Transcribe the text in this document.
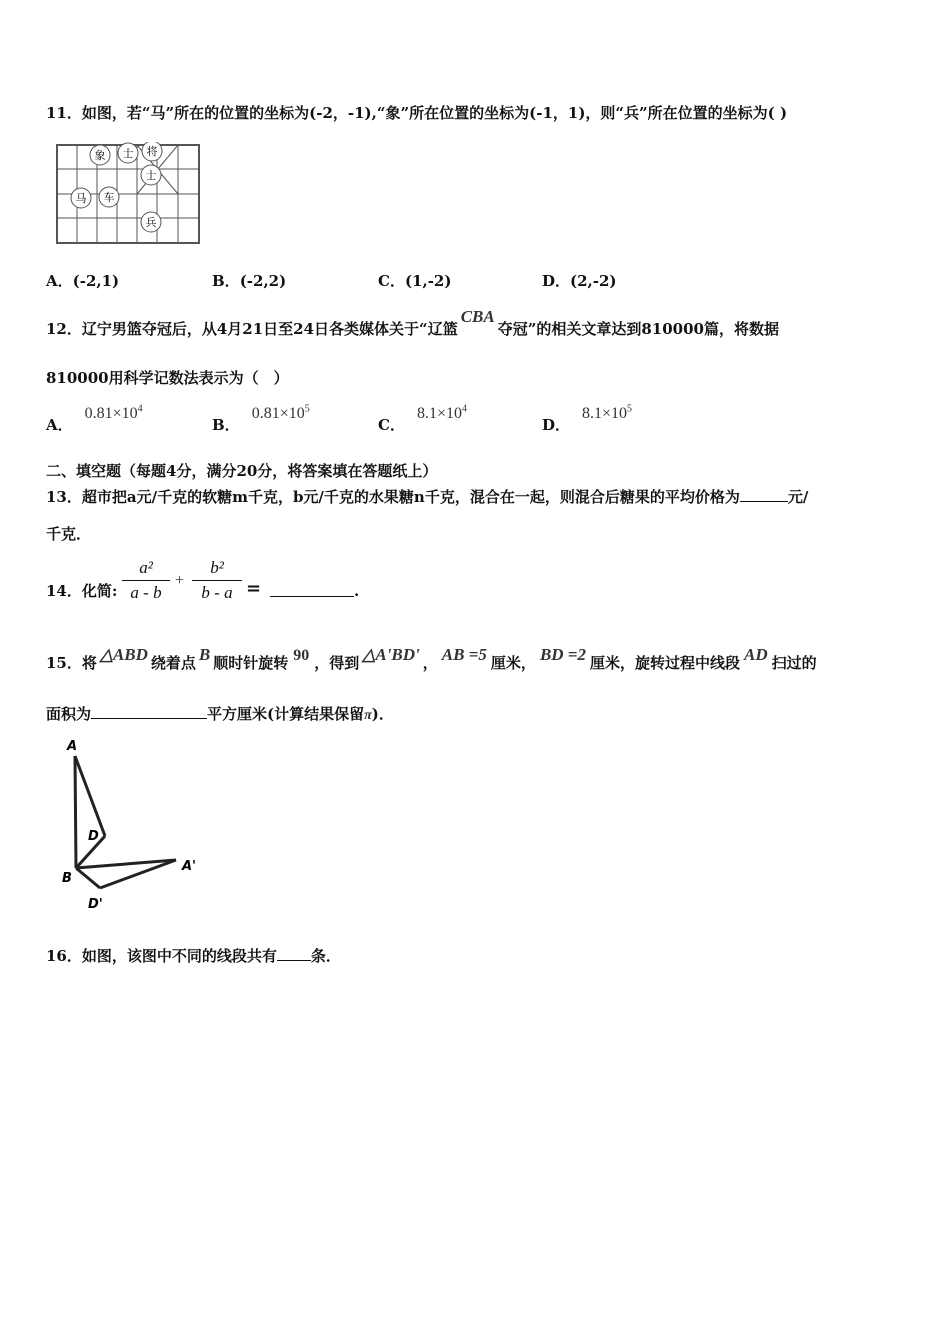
11．如图，若“马”所在的位置的坐标为(-2，-1),“象”所在位置的坐标为(-1，1)，则“兵”所在位置的坐标为( )
象 士 将
士
马 车
兵
A．(-2,1)	B．(-2,2)	C．(1,-2)	D．(2,-2)
12．辽宁男篮夺冠后，从4月21日至24日各类媒体关于“辽篮CBA夺冠”的相关文章达到810000篇，将数据
810000用科学记数法表示为（　）
A．$0.81\times 10^4$
B．$0.81\times 10^5$
C．$8.1\times 10^4$
D．$8.1\times 10^5$
二、填空题（每题4分，满分20分，将答案填在答题纸上）
13．超市把a元/千克的软糖m千克，b元/千克的水果糖n千克，混合在一起，则混合后糖果的平均价格为	元/
千克．
14．化简:
a²
a - b
+
b²
b - a =	.
15．将 △ABD 绕着点 B 顺时针旋转 90 ，得到 △A'BD' ， AB =5 厘米， BD =2 厘米，旋转过程中线段 AD 扫过的
面积为	平方厘米(计算结果保留π)．
A
D
B
A'
D'
16．如图，该图中不同的线段共有 条．
